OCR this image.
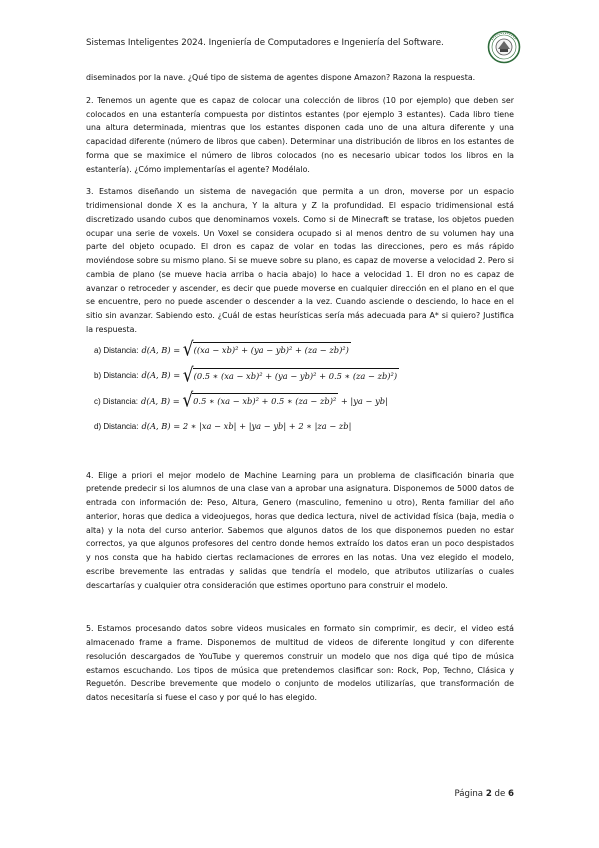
Sistemas Inteligentes 2024. Ingeniería de Computadores e Ingeniería del Software.

diseminados por la nave. ¿Qué tipo de sistema de agentes dispone Amazon? Razona la respuesta.

2. Tenemos un agente que es capaz de colocar una colección de libros (10 por ejemplo) que deben ser colocados en una estantería compuesta por distintos estantes (por ejemplo 3 estantes). Cada libro tiene una altura determinada, mientras que los estantes disponen cada uno de una altura diferente y una capacidad diferente (número de libros que caben). Determinar una distribución de libros en los estantes de forma que se maximice el número de libros colocados (no es necesario ubicar todos los libros en la estantería). ¿Cómo implementarías el agente? Modélalo.

3. Estamos diseñando un sistema de navegación que permita a un dron, moverse por un espacio tridimensional donde X es la anchura, Y la altura y Z la profundidad. El espacio tridimensional está discretizado usando cubos que denominamos voxels. Como si de Minecraft se tratase, los objetos pueden ocupar una serie de voxels. Un Voxel se considera ocupado si al menos dentro de su volumen hay una parte del objeto ocupado. El dron es capaz de volar en todas las direcciones, pero es más rápido moviéndose sobre su mismo plano. Si se mueve sobre su plano, es capaz de moverse a velocidad 2. Pero si cambia de plano (se mueve hacia arriba o hacia abajo) lo hace a velocidad 1. El dron no es capaz de avanzar o retroceder y ascender, es decir que puede moverse en cualquier dirección en el plano en el que se encuentre, pero no puede ascender o descender a la vez. Cuando asciende o desciendo, lo hace en el sitio sin avanzar. Sabiendo esto. ¿Cuál de estas heurísticas sería más adecuada para A* si quiero? Justifica la respuesta.

a) Distancia: d(A, B) =
√ ((xa − xb)² + (ya − yb)² + (za − zb)²)
b) Distancia: d(A, B) =
√ (0.5 ∗ (xa − xb)² + (ya − yb)² + 0.5 ∗ (za − zb)²)
c) Distancia: d(A, B) =
√ 0.5 ∗ (xa − xb)² + 0.5 ∗ (za − zb)²
+ |ya − yb|
d) Distancia: d(A, B) = 2 ∗ |xa − xb| + |ya − yb| + 2 ∗ |za − zb|

4. Elige a priori el mejor modelo de Machine Learning para un problema de clasificación binaria que pretende predecir si los alumnos de una clase van a aprobar una asignatura. Disponemos de 5000 datos de entrada con información de: Peso, Altura, Genero (masculino, femenino u otro), Renta familiar del año anterior, horas que dedica a videojuegos, horas que dedica lectura, nivel de actividad física (baja, media o alta) y la nota del curso anterior. Sabemos que algunos datos de los que disponemos pueden no estar correctos, ya que algunos profesores del centro donde hemos extraído los datos eran un poco despistados y nos consta que ha habido ciertas reclamaciones de errores en las notas. Una vez elegido el modelo, escribe brevemente las entradas y salidas que tendría el modelo, que atributos utilizarías o cuales descartarías y cualquier otra consideración que estimes oportuno para construir el modelo.

5. Estamos procesando datos sobre videos musicales en formato sin comprimir, es decir, el video está almacenado frame a frame. Disponemos de multitud de videos de diferente longitud y con diferente resolución descargados de YouTube y queremos construir un modelo que nos diga qué tipo de música estamos escuchando. Los tipos de música que pretendemos clasificar son: Rock, Pop, Techno, Clásica y Reguetón. Describe brevemente que modelo o conjunto de modelos utilizarías, que transformación de datos necesitaría si fuese el caso y por qué lo has elegido.

Página 2 de 6
